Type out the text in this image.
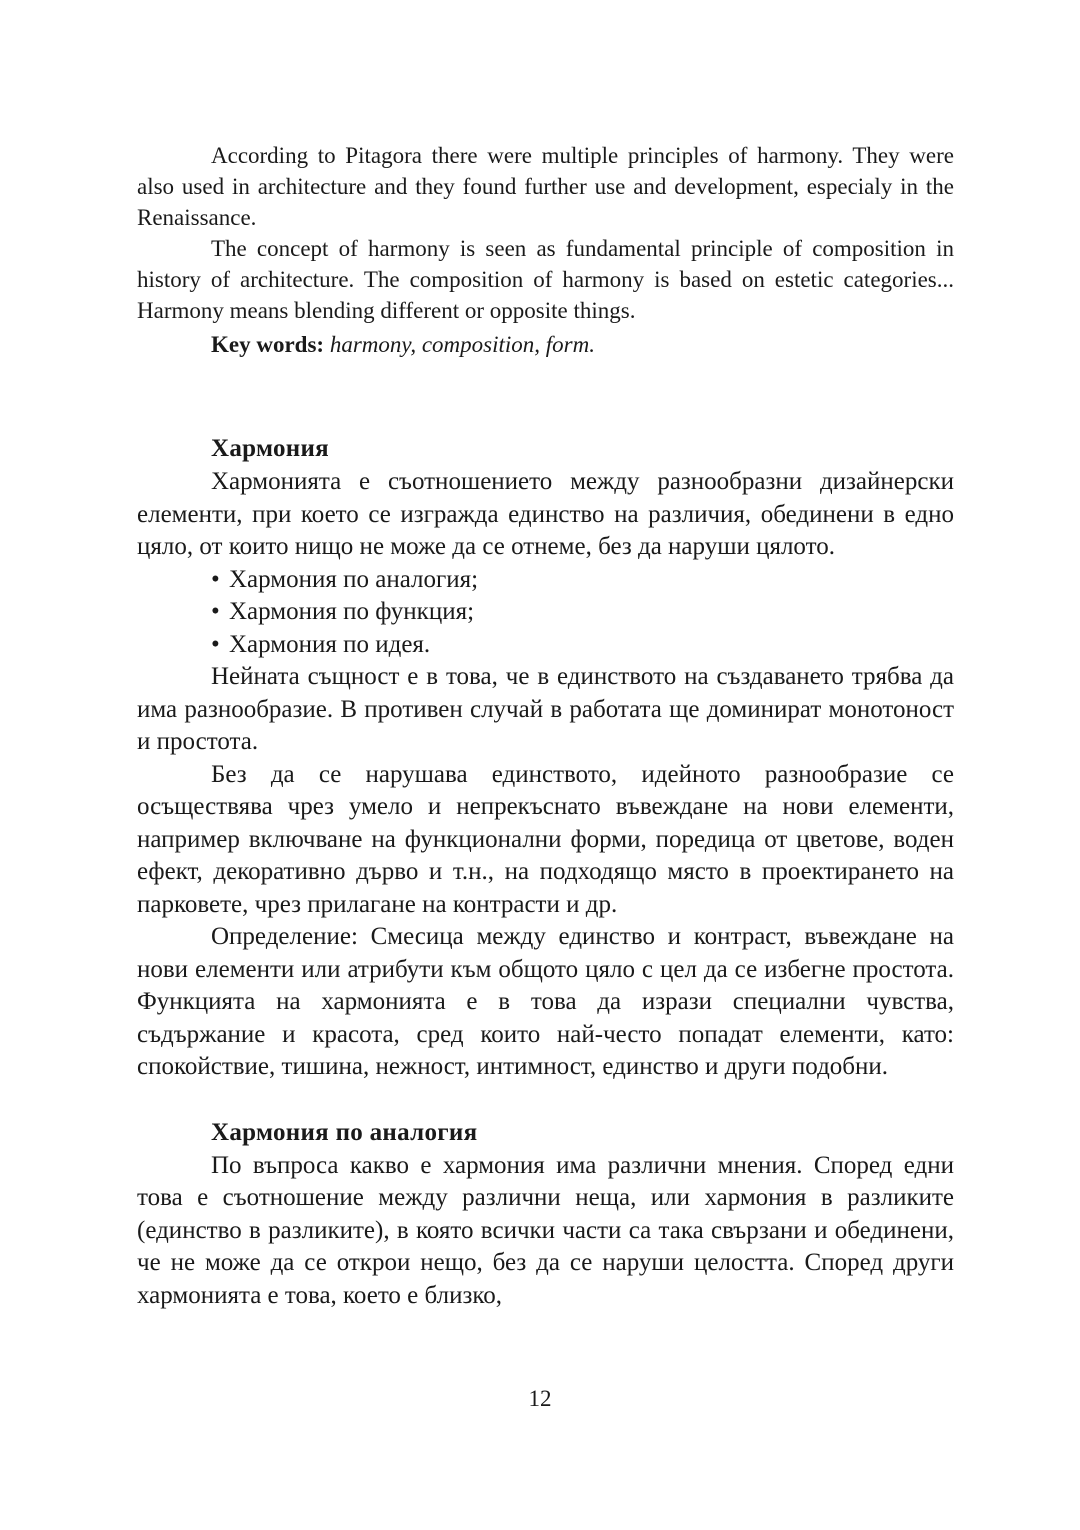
According to Pitagora there were multiple principles of harmony. They were also used in architecture and they found further use and development, especialy in the Renaissance.

The concept of harmony is seen as fundamental principle of composition in history of architecture. The composition of harmony is based on estetic categories... Harmony means blending different or opposite things.

Key words: harmony, composition, form.

Хармония

Хармонията е съотношението между разнообразни дизайнерски елементи, при което се изгражда единство на различия, обединени в едно цяло, от които нищо не може да се отнеме, без да наруши цялото.

• Хармония по аналогия;
• Хармония по функция;
• Хармония по идея.

Нейната същност е в това, че в единството на създаването трябва да има разнообразие. В противен случай в работата ще доминират монотоност и простота.

Без да се нарушава единството, идейното разнообразие се осъществява чрез умело и непрекъснато въвеждане на нови елементи, например включване на функционални форми, поредица от цветове, воден ефект, декоративно дърво и т.н., на подходящо място в проектирането на парковете, чрез прилагане на контрасти и др.

Определение: Смесица между единство и контраст, въвеждане на нови елементи или атрибути към общото цяло с цел да се избегне простота. Функцията на хармонията е в това да изрази специални чувства, съдържание и красота, сред които най-често попадат елементи, като: спокойствие, тишина, нежност, интимност, единство и други подобни.

Хармония по аналогия

По въпроса какво е хармония има различни мнения. Според едни това е съотношение между различни неща, или хармония в разликите (единство в разликите), в която всички части са така свързани и обединени, че не може да се открои нещо, без да се наруши целостта. Според други хармонията е това, което е близко,

12
